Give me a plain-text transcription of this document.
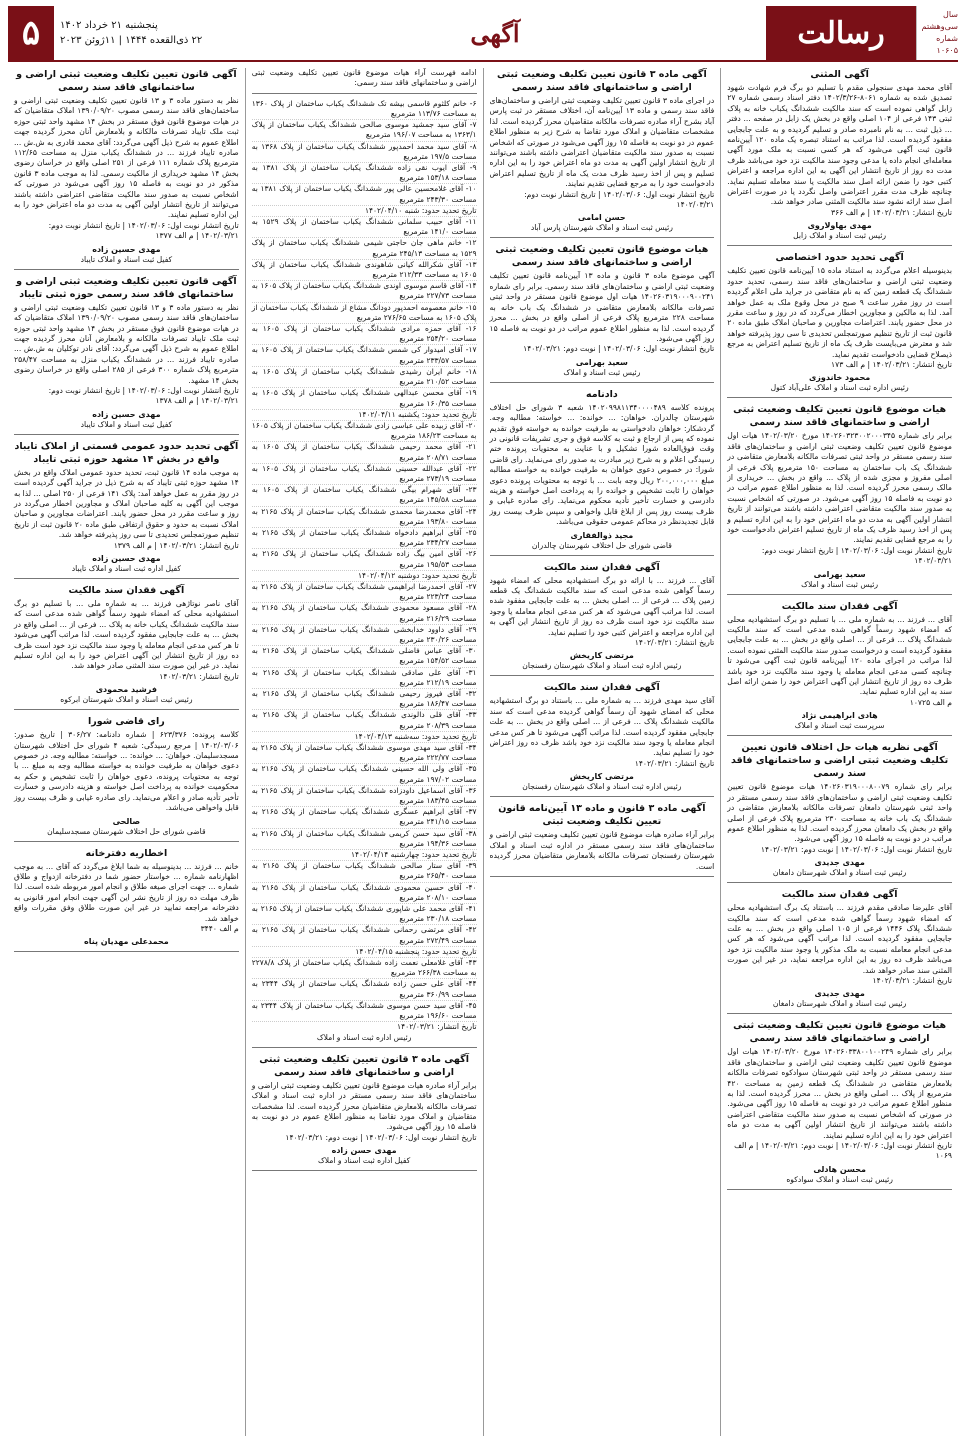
سال سی‌وهشتم
شماره ۱۰۶۰۵
رسالت
آگهی
پنجشنبه ۲۱ خرداد ۱۴۰۲
۲۲ ذی‌القعده ۱۴۴۴ | ۱۱ژوئن ۲۰۲۳
۵
آگهی المثنی

آقای محمد مهدی سنجولی مقدم با تسلیم دو برگ فرم شهادت شهود تصدیق شده به شماره ۸۰۶۱-۱۴۰۲/۳/۲۶ دفتر اسناد رسمی شماره ۲۷ زابل گواهی نموده است که سند مالکیت ششدانگ یکباب خانه به پلاک ثبتی ۱۴۳ فرعی از ۱۰۴ اصلی واقع در بخش یک زابل در صفحه ... دفتر ... ذیل ثبت ... به نام نامبرده صادر و تسلیم گردیده و به علت جابجایی مفقود گردیده است. لذا مراتب به استناد تبصره یک ماده ۱۲۰ آیین‌نامه قانون ثبت آگهی می‌شود که هر کسی نسبت به ملک مورد آگهی معامله‌ای انجام داده یا مدعی وجود سند مالکیت نزد خود می‌باشد ظرف مدت ده روز از تاریخ انتشار این آگهی به این اداره مراجعه و اعتراض کتبی خود را ضمن ارائه اصل سند مالکیت یا سند معامله تسلیم نماید. چنانچه ظرف مدت مقرر اعتراضی واصل نگردد یا در صورت اعتراض اصل سند ارائه نشود سند مالکیت المثنی صادر خواهد شد.

تاریخ انتشار: ۱۴۰۲/۰۳/۲۱ | م الف ۳۶۶
مهدی بهاولاروی
رئیس ثبت اسناد و املاک زابل
آگهی تحدید حدود اختصاصی

بدینوسیله اعلام می‌گردد به استناد ماده ۱۵ آیین‌نامه قانون تعیین تکلیف وضعیت ثبتی اراضی و ساختمان‌های فاقد سند رسمی، تحدید حدود ششدانگ یک قطعه زمین که به نام متقاضی در جراید ملی اعلام گردیده است در روز مقرر ساعت ۹ صبح در محل وقوع ملک به عمل خواهد آمد. لذا به مالکین و مجاورین اخطار می‌گردد که در روز و ساعت مقرر در محل حضور یابند. اعتراضات مجاورین و صاحبان املاک طبق ماده ۲۰ قانون ثبت از تاریخ تنظیم صورتمجلس تحدیدی تا سی روز پذیرفته خواهد شد و معترض می‌بایست ظرف یک ماه از تاریخ تسلیم اعتراض به مرجع ذیصلاح قضایی دادخواست تقدیم نماید.

تاریخ انتشار: ۱۴۰۲/۰۳/۲۱ | م الف ۱۷۳
محمود خاندوزی
رئیس اداره ثبت اسناد و املاک علی‌آباد کتول
هیات موضوع قانون تعیین تکلیف وضعیت ثبتی اراضی و ساختمانهای فاقد سند رسمی

برابر رای شماره ۱۴۰۲۶۰۳۲۳۰۰۲۰۰۰۳۴۵ مورخ ۱۴۰۲/۰۳/۲۰ هیات اول موضوع قانون تعیین تکلیف وضعیت ثبتی اراضی و ساختمان‌های فاقد سند رسمی مستقر در واحد ثبتی تصرفات مالکانه بلامعارض متقاضی در ششدانگ یک باب ساختمان به مساحت ۱۵۰ مترمربع پلاک فرعی از اصلی مفروز و مجزی شده از پلاک ... واقع در بخش ... خریداری از مالک رسمی محرز گردیده است. لذا به منظور اطلاع عموم مراتب در دو نوبت به فاصله ۱۵ روز آگهی می‌شود. در صورتی که اشخاص نسبت به صدور سند مالکیت متقاضی اعتراضی داشته باشند می‌توانند از تاریخ انتشار اولین آگهی به مدت دو ماه اعتراض خود را به این اداره تسلیم و پس از اخذ رسید ظرف یک ماه از تاریخ تسلیم اعتراض دادخواست خود را به مرجع قضایی تقدیم نمایند.

تاریخ انتشار نوبت اول: ۱۴۰۲/۰۳/۰۶ | تاریخ انتشار نوبت دوم: ۱۴۰۲/۰۳/۲۱
سعید بهرامی
رئیس ثبت اسناد و املاک
آگهی فقدان سند مالکیت

آقای ... فرزند ... به شماره ملی ... با تسلیم دو برگ استشهادیه محلی که امضاء شهود رسماً گواهی شده مدعی است که سند مالکیت ششدانگ پلاک ... فرعی از ... اصلی واقع در بخش ... به علت جابجایی مفقود گردیده است و درخواست صدور سند مالکیت المثنی نموده است. لذا مراتب در اجرای ماده ۱۲۰ آیین‌نامه قانون ثبت آگهی می‌شود تا چنانچه کسی مدعی انجام معامله یا وجود سند مالکیت نزد خود باشد ظرف ده روز از تاریخ انتشار این آگهی اعتراض خود را ضمن ارائه اصل سند به این اداره تسلیم نماید.

م الف ۱۰۷۲۵
هادی ابراهیمی نژاد
سرپرست ثبت اسناد و املاک
آگهی نظریه هیات حل اختلاف قانون تعیین تکلیف وضعیت ثبتی اراضی و ساختمانهای فاقد سند رسمی

برابر رای شماره ۱۴۰۲۶۰۳۱۹۰۰۰۸۰۰۷۹ هیات موضوع قانون تعیین تکلیف وضعیت ثبتی اراضی و ساختمان‌های فاقد سند رسمی مستقر در واحد ثبتی شهرستان دامغان تصرفات مالکانه بلامعارض متقاضی در ششدانگ یک باب خانه به مساحت ۲۳۰ مترمربع پلاک فرعی از اصلی واقع در بخش یک دامغان محرز گردیده است. لذا به منظور اطلاع عموم مراتب در دو نوبت به فاصله ۱۵ روز آگهی می‌شود.

تاریخ انتشار نوبت اول: ۱۴۰۲/۰۳/۰۶ | نوبت دوم: ۱۴۰۲/۰۳/۲۱
مهدی جدیدی
رئیس ثبت اسناد و املاک شهرستان دامغان
آگهی فقدان سند مالکیت

آقای علیرضا صادقی مقدم فرزند ... باستناد یک برگ استشهادیه محلی که امضاء شهود رسماً گواهی شده مدعی است که سند مالکیت ششدانگ پلاک ۱۴۴۶ فرعی از ۱۰۵ اصلی واقع در بخش ... به علت جابجایی مفقود گردیده است. لذا مراتب آگهی می‌شود که هر کس مدعی انجام معامله نسبت به ملک مذکور یا وجود سند مالکیت نزد خود می‌باشد ظرف ده روز به این اداره مراجعه نماید، در غیر این صورت المثنی سند صادر خواهد شد.

تاریخ انتشار: ۱۴۰۲/۰۳/۲۱
مهدی جدیدی
رئیس ثبت اسناد و املاک شهرستان دامغان
هیات موضوع قانون تعیین تکلیف وضعیت ثبتی اراضی و ساختمانهای فاقد سند رسمی

برابر رای شماره ۱۴۰۲۶۰۳۳۸۰۰۱۰۰۲۴۹ مورخ ۱۴۰۲/۰۳/۲۰ هیات اول موضوع قانون تعیین تکلیف وضعیت ثبتی اراضی و ساختمان‌های فاقد سند رسمی مستقر در واحد ثبتی شهرستان سوادکوه تصرفات مالکانه بلامعارض متقاضی در ششدانگ یک قطعه زمین به مساحت ۴۲۰ مترمربع از پلاک ... اصلی واقع در بخش ... محرز گردیده است. لذا به منظور اطلاع عموم مراتب در دو نوبت به فاصله ۱۵ روز آگهی می‌شود. در صورتی که اشخاص نسبت به صدور سند مالکیت متقاضی اعتراضی داشته باشند می‌توانند از تاریخ انتشار اولین آگهی به مدت دو ماه اعتراض خود را به این اداره تسلیم نمایند.

تاریخ انتشار نوبت اول: ۱۴۰۲/۰۳/۰۶ | نوبت دوم: ۱۴۰۲/۰۳/۲۱ | م الف ۱۰۶۹
محسن هادلی
رئیس ثبت اسناد و املاک سوادکوه
آگهی ماده ۳ قانون تعیین تکلیف وضعیت ثبتی اراضی و ساختمانهای فاقد سند رسمی

در اجرای ماده ۳ قانون تعیین تکلیف وضعیت ثبتی اراضی و ساختمان‌های فاقد سند رسمی و ماده ۱۳ آیین‌نامه آن، اختلاف مستقر در ثبت پارس آباد بشرح آراء صادره تصرفات مالکانه متقاضیان محرز گردیده است. لذا مشخصات متقاضیان و املاک مورد تقاضا به شرح زیر به منظور اطلاع عموم در دو نوبت به فاصله ۱۵ روز آگهی می‌شود در صورتی که اشخاص نسبت به صدور سند مالکیت متقاضیان اعتراضی داشته باشند می‌توانند از تاریخ انتشار اولین آگهی به مدت دو ماه اعتراض خود را به این اداره تسلیم و پس از اخذ رسید ظرف مدت یک ماه از تاریخ تسلیم اعتراض دادخواست خود را به مرجع قضایی تقدیم نمایند.

تاریخ انتشار نوبت اول: ۱۴۰۲/۰۳/۰۶ | تاریخ انتشار نوبت دوم: ۱۴۰۲/۰۳/۲۱
حسن امامی
رئیس ثبت اسناد و املاک شهرستان پارس آباد
هیات موضوع قانون تعیین تکلیف وضعیت ثبتی اراضی و ساختمانهای فاقد سند رسمی

آگهی موضوع ماده ۳ قانون و ماده ۱۳ آیین‌نامه قانون تعیین تکلیف وضعیت ثبتی اراضی و ساختمان‌های فاقد سند رسمی. برابر رای شماره ۱۴۰۲۶۰۳۱۹۰۰۰۹۰۰۲۴۱ هیات اول موضوع قانون مستقر در واحد ثبتی تصرفات مالکانه بلامعارض متقاضی در ششدانگ یک باب خانه به مساحت ۲۲۸ مترمربع پلاک فرعی از اصلی واقع در بخش ... محرز گردیده است. لذا به منظور اطلاع عموم مراتب در دو نوبت به فاصله ۱۵ روز آگهی می‌شود.

تاریخ انتشار نوبت اول: ۱۴۰۲/۰۳/۰۶ | نوبت دوم: ۱۴۰۲/۰۳/۲۱
سعید بهرامی
رئیس ثبت اسناد و املاک
دادنامه

پرونده کلاسه ۱۴۰۲۰۹۹۸۱۱۳۴۰۰۰۰۴۸۹ شعبه ۳ شورای حل اختلاف شهرستان چالدران. خواهان: ... خوانده: ... خواسته: مطالبه وجه. گردشکار: خواهان دادخواستی به طرفیت خوانده به خواسته فوق تقدیم نموده که پس از ارجاع و ثبت به کلاسه فوق و جری تشریفات قانونی در وقت فوق‌العاده شورا تشکیل و با عنایت به محتویات پرونده ختم رسیدگی اعلام و به شرح زیر مبادرت به صدور رای می‌نماید. رای قاضی شورا: در خصوص دعوی خواهان به طرفیت خوانده به خواسته مطالبه مبلغ ۲۰۰,۰۰۰,۰۰۰ ریال وجه بابت ... با توجه به محتویات پرونده دعوی خواهان را ثابت تشخیص و خوانده را به پرداخت اصل خواسته و هزینه دادرسی و خسارت تأخیر تأدیه محکوم می‌نماید. رای صادره غیابی و ظرف بیست روز پس از ابلاغ قابل واخواهی و سپس ظرف بیست روز قابل تجدیدنظر در محاکم عمومی حقوقی می‌باشد.

مجید ذوالفقاری
قاضی شورای حل اختلاف شهرستان چالدران
آگهی فقدان سند مالکیت

آقای ... فرزند ... با ارائه دو برگ استشهادیه محلی که امضاء شهود رسماً گواهی شده مدعی است که سند مالکیت ششدانگ یک قطعه زمین پلاک ... فرعی از ... اصلی بخش ... به علت جابجایی مفقود شده است. لذا مراتب آگهی می‌شود که هر کس مدعی انجام معامله یا وجود سند مالکیت نزد خود است ظرف ده روز از تاریخ انتشار این آگهی به این اداره مراجعه و اعتراض کتبی خود را تسلیم نماید.

تاریخ انتشار: ۱۴۰۲/۰۳/۲۱
مرتضی کاریخش
رئیس اداره ثبت اسناد و املاک شهرستان رفسنجان
آگهی فقدان سند مالکیت

آقای سید مهدی فرزند ... به شماره ملی ... باستناد دو برگ استشهادیه محلی که امضای شهود آن رسماً گواهی گردیده مدعی است که سند مالکیت ششدانگ پلاک ... فرعی از ... اصلی واقع در بخش ... به علت جابجایی مفقود گردیده است. لذا مراتب آگهی می‌شود تا هر کس مدعی انجام معامله یا وجود سند مالکیت نزد خود باشد ظرف ده روز اعتراض خود را تسلیم نماید.

تاریخ انتشار: ۱۴۰۲/۰۳/۲۱
مرتضی کاریخش
رئیس اداره ثبت اسناد و املاک شهرستان رفسنجان
آگهی ماده ۳ قانون و ماده ۱۳ آیین‌نامه قانون تعیین تکلیف وضعیت ثبتی

برابر آراء صادره هیات موضوع قانون تعیین تکلیف وضعیت ثبتی اراضی و ساختمان‌های فاقد سند رسمی مستقر در اداره ثبت اسناد و املاک شهرستان رفسنجان تصرفات مالکانه بلامعارض متقاضیان محرز گردیده است.

ادامه فهرست آراء هیات موضوع قانون تعیین تکلیف وضعیت ثبتی اراضی و ساختمانهای فاقد سند رسمی:

۶- خانم کلثوم قاسمی بیشه تک ششدانگ یکباب ساختمان از پلاک ۱۳۶۰ به مساحت ۱۱۳/۷۶ مترمربع
۷- آقای سید جمشید موسوی صالحی ششدانگ یکباب ساختمان از پلاک ۱۳۶۳/۱ به مساحت ۱۹۶/۰۷ مترمربع
۸- آقای سید محمد احمدپور ششدانگ یکباب ساختمان از پلاک ۱۳۶۸ به مساحت ۱۹۷/۵ مترمربع
۹- آقای ایوب نقی زاده ششدانگ یکباب ساختمان از پلاک ۱۳۸۱ به مساحت ۱۵۳/۱۸ مترمربع
۱۰- آقای غلامحسین عالی پور ششدانگ یکباب ساختمان از پلاک ۱۳۸۱ به مساحت ۲۴۳/۳۰ مترمربع
تاریخ تحدید حدود: شنبه ۱۴۰۲/۰۴/۱۰
۱۱- آقای حبیب سلمانی ششدانگ یکباب ساختمان از پلاک ۱۵۲۹ به مساحت ۱۴۱/۰ مترمربع
۱۲- خانم ماهی جان حاجتی شیمی ششدانگ یکباب ساختمان از پلاک ۱۵۲۹ به مساحت ۲۴۵/۱۳ مترمربع
۱۳- آقای شکرالله کیانی شاهوندی ششدانگ یکباب ساختمان از پلاک ۱۶۰۵ به مساحت ۲۱۲/۳۳ مترمربع
۱۴- آقای قاسم موسوی اوندی ششدانگ یکباب ساختمان از پلاک ۱۶۰۵ به مساحت ۲۲۷/۷۳ مترمربع
۱۵- خانم معصومه احمدپور دودانگ مشاع از ششدانگ یکباب ساختمان از پلاک ۱۶۰۵ به مساحت ۲۷۶/۶۵ مترمربع
۱۶- آقای حمزه مرادی ششدانگ یکباب ساختمان از پلاک ۱۶۰۵ به مساحت ۲۵۴/۲۰ مترمربع
۱۷- آقای امیدوار کی شمس ششدانگ یکباب ساختمان از پلاک ۱۶۰۵ به مساحت ۲۳۳/۵۷ مترمربع
۱۸- خانم ایران رشیدی ششدانگ یکباب ساختمان از پلاک ۱۶۰۵ به مساحت ۲۱۰/۵۲ مترمربع
۱۹- آقای محسن عبدالهی ششدانگ یکباب ساختمان از پلاک ۱۶۰۵ به مساحت ۱۶۰/۳۵ مترمربع
تاریخ تحدید حدود: یکشنبه ۱۴۰۲/۰۴/۱۱
۲۰- آقای زبیده علی عباسی زادی ششدانگ یکباب ساختمان از پلاک ۱۶۰۵ به مساحت ۱۸۶/۲۳ مترمربع
۲۱- آقای محمد رحیمی ششدانگ یکباب ساختمان از پلاک ۱۶۰۵ به مساحت ۲۰۸/۷۱ مترمربع
۲۲- آقای عبدالله حسینی ششدانگ یکباب ساختمان از پلاک ۱۶۰۵ به مساحت ۲۷۳/۱۹ مترمربع
۲۳- آقای شهرام بیگی ششدانگ یکباب ساختمان از پلاک ۱۶۰۵ به مساحت ۱۴۵/۵۸ مترمربع
۲۴- آقای محمدرضا محمدی ششدانگ یکباب ساختمان از پلاک ۲۱۶۵ به مساحت ۱۹۳/۸۰ مترمربع
۲۵- آقای ابراهیم دادخواه ششدانگ یکباب ساختمان از پلاک ۲۱۶۵ به مساحت ۲۳۴/۲۷ مترمربع
۲۶- آقای امین بیگ زاده ششدانگ یکباب ساختمان از پلاک ۲۱۶۵ به مساحت ۱۹۵/۵۳ مترمربع
تاریخ تحدید حدود: دوشنبه ۱۴۰۲/۰۴/۱۲
۲۷- آقای احمدرضا ابراهیمی ششدانگ یکباب ساختمان از پلاک ۲۱۶۵ به مساحت ۲۲۳/۲۴ مترمربع
۲۸- آقای مسعود محمودی ششدانگ یکباب ساختمان از پلاک ۲۱۶۵ به مساحت ۲۱۶/۲۹ مترمربع
۲۹- آقای داوود خدابخشی ششدانگ یکباب ساختمان از پلاک ۲۱۶۵ به مساحت ۲۳۰/۲۶ مترمربع
۳۰- آقای عباس فاضلی ششدانگ یکباب ساختمان از پلاک ۲۱۶۵ به مساحت ۱۵۴/۵۲ مترمربع
۳۱- آقای علی صادقی ششدانگ یکباب ساختمان از پلاک ۲۱۶۵ به مساحت ۲۱۲/۱۹ مترمربع
۳۲- آقای فیروز رحیمی ششدانگ یکباب ساختمان از پلاک ۲۱۶۵ به مساحت ۱۸۶/۴۷ مترمربع
۳۳- آقای قلی دالوندی ششدانگ یکباب ساختمان از پلاک ۲۱۶۵ به مساحت ۲۰۸/۳۹ مترمربع
تاریخ تحدید حدود: سه‌شنبه ۱۴۰۲/۰۴/۱۳
۳۴- آقای سید مهدی موسوی ششدانگ یکباب ساختمان از پلاک ۲۱۶۵ به مساحت ۲۲۲/۷۷ مترمربع
۳۵- آقای ولی الله حسینی ششدانگ یکباب ساختمان از پلاک ۲۱۶۵ به مساحت ۱۹۷/۰۲ مترمربع
۳۶- آقای اسماعیل داودزاده ششدانگ یکباب ساختمان از پلاک ۲۱۶۵ به مساحت ۱۸۳/۴۵ مترمربع
۳۷- آقای ابراهیم عسگری ششدانگ یکباب ساختمان از پلاک ۲۱۶۵ به مساحت ۲۴۱/۱۵ مترمربع
۳۸- آقای سید حسن کریمی ششدانگ یکباب ساختمان از پلاک ۲۱۶۵ به مساحت ۱۹۴/۳۶ مترمربع
تاریخ تحدید حدود: چهارشنبه ۱۴۰۲/۰۴/۱۴
۳۹- آقای ستار صالحی ششدانگ یکباب ساختمان از پلاک ۲۱۶۵ به مساحت ۲۶۵/۴۰ مترمربع
۴۰- آقای حسین محمودی ششدانگ یکباب ساختمان از پلاک ۲۱۶۵ به مساحت ۲۰۸/۱۰ مترمربع
۴۱- آقای محمد علی شاپوری ششدانگ یکباب ساختمان از پلاک ۲۱۶۵ به مساحت ۲۳۰/۱۸ مترمربع
۴۲- آقای مرتضی رحمانی ششدانگ یکباب ساختمان از پلاک ۲۱۶۵ به مساحت ۲۷۲/۴۹ مترمربع
تاریخ تحدید حدود: پنجشنبه ۱۴۰۲/۰۴/۱۵
۴۳- آقای غلامعلی نعمت زاده ششدانگ یکباب ساختمان از پلاک ۲۲۷۸/۸ به مساحت ۲۶۶/۳۸ مترمربع
۴۴- آقای علی حسن زاده ششدانگ یکباب ساختمان از پلاک ۲۳۴۴ به مساحت ۳۶۰/۹۹ مترمربع
۴۵- آقای سید حسن موسوی ششدانگ یکباب ساختمان از پلاک ۲۳۴۴ به مساحت ۱۹۶/۶۰ مترمربع
تاریخ انتشار: ۱۴۰۲/۰۳/۲۱
رئیس اداره ثبت اسناد و املاک
آگهی ماده ۳ قانون تعیین تکلیف وضعیت ثبتی اراضی و ساختمانهای فاقد سند رسمی

برابر آراء صادره هیات موضوع قانون تعیین تکلیف وضعیت ثبتی اراضی و ساختمان‌های فاقد سند رسمی مستقر در اداره ثبت اسناد و املاک تصرفات مالکانه بلامعارض متقاضیان محرز گردیده است. لذا مشخصات متقاضیان و املاک مورد تقاضا به منظور اطلاع عموم در دو نوبت به فاصله ۱۵ روز آگهی می‌شود.

تاریخ انتشار نوبت اول: ۱۴۰۲/۰۳/۰۶ | نوبت دوم: ۱۴۰۲/۰۳/۲۱
مهدی حسن زاده
کفیل اداره ثبت اسناد و املاک
آگهی قانون تعیین تکلیف وضعیت ثبتی اراضی و ساختمانهای فاقد سند رسمی

نظر به دستور ماده ۳ و ۱۳ قانون تعیین تکلیف وضعیت ثبتی اراضی و ساختمان‌های فاقد سند رسمی مصوب ۱۳۹۰/۰۹/۲۰ املاک متقاضیان که در هیات موضوع قانون فوق مستقر در بخش ۱۴ مشهد واحد ثبتی حوزه ثبت ملک تایباد تصرفات مالکانه و بلامعارض آنان محرز گردیده جهت اطلاع عموم به شرح ذیل آگهی می‌گردد: آقای محمد قادری به ش.ش ... صادره تایباد فرزند ... در ششدانگ یکباب منزل به مساحت ۱۱۲/۶۵ مترمربع پلاک شماره ۱۱۱ فرعی از ۲۵۱ اصلی واقع در خراسان رضوی بخش ۱۴ مشهد خریداری از مالکیت رسمی. لذا به موجب ماده ۳ قانون مذکور در دو نوبت به فاصله ۱۵ روز آگهی می‌شود در صورتی که اشخاص نسبت به صدور سند مالکیت متقاضی اعتراضی داشته باشند می‌توانند از تاریخ انتشار اولین آگهی به مدت دو ماه اعتراض خود را به این اداره تسلیم نمایند.

تاریخ انتشار نوبت اول: ۱۴۰۲/۰۳/۰۶ | تاریخ انتشار نوبت دوم: ۱۴۰۲/۰۳/۲۱ | م الف ۱۳۷۷
مهدی حسین زاده
کفیل ثبت اسناد و املاک تایباد
آگهی قانون تعیین تکلیف وضعیت ثبتی اراضی و ساختمانهای فاقد سند رسمی حوزه ثبتی تایباد

نظر به دستور ماده ۳ و ۱۳ قانون تعیین تکلیف وضعیت ثبتی اراضی و ساختمان‌های فاقد سند رسمی مصوب ۱۳۹۰/۰۹/۲۰ املاک متقاضیان که در هیات موضوع قانون فوق مستقر در بخش ۱۴ مشهد واحد ثبتی حوزه ثبت ملک تایباد تصرفات مالکانه و بلامعارض آنان محرز گردیده جهت اطلاع عموم به شرح ذیل آگهی می‌گردد: آقای نادر توکلیان به ش.ش ... صادره تایباد فرزند ... در ششدانگ یکباب منزل به مساحت ۲۵۸/۴۷ مترمربع پلاک شماره ۳۰۰ فرعی از ۲۸۵ اصلی واقع در خراسان رضوی بخش ۱۴ مشهد.

تاریخ انتشار نوبت اول: ۱۴۰۲/۰۳/۰۶ | تاریخ انتشار نوبت دوم: ۱۴۰۲/۰۳/۲۱ | م الف ۱۳۷۸
مهدی حسین زاده
کفیل ثبت اسناد و املاک تایباد
آگهی تحدید حدود عمومی قسمتی از املاک تایباد واقع در بخش ۱۴ مشهد حوزه ثبتی تایباد

به موجب ماده ۱۴ قانون ثبت، تحدید حدود عمومی املاک واقع در بخش ۱۴ مشهد حوزه ثبتی تایباد که به شرح ذیل در جراید آگهی گردیده است در روز مقرر به عمل خواهد آمد: پلاک ۱۴۱ فرعی از ۲۵۰ اصلی ... لذا به موجب این آگهی به کلیه صاحبان املاک و مجاورین اخطار می‌گردد در روز و ساعت مقرر در محل حضور یابند. اعتراضات مجاورین و صاحبان املاک نسبت به حدود و حقوق ارتفاقی طبق ماده ۲۰ قانون ثبت از تاریخ تنظیم صورتمجلس تحدیدی تا سی روز پذیرفته خواهد شد.

تاریخ انتشار: ۱۴۰۲/۰۳/۲۱ | م الف ۱۳۷۹
مهدی حسین زاده
کفیل اداره ثبت اسناد و املاک تایباد
آگهی فقدان سند مالکیت

آقای ناصر نوتاژهی فرزند ... به شماره ملی ... با تسلیم دو برگ استشهادیه محلی که امضاء شهود رسماً گواهی شده مدعی است که سند مالکیت ششدانگ یکباب خانه به پلاک ... فرعی از ... اصلی واقع در بخش ... به علت جابجایی مفقود گردیده است. لذا مراتب آگهی می‌شود تا هر کس مدعی انجام معامله یا وجود سند مالکیت نزد خود است ظرف ده روز از تاریخ انتشار این آگهی اعتراض خود را به این اداره تسلیم نماید. در غیر این صورت سند المثنی صادر خواهد شد.

تاریخ انتشار: ۱۴۰۲/۰۳/۲۱
فرشید محمودی
رئیس ثبت اسناد و املاک شهرستان ابرکوه
رای قاضی شورا

کلاسه پرونده: ۶۲۳/۳۷۶ | شماره دادنامه: ۳۰۶/۲۷ | تاریخ صدور: ۱۴۰۲/۰۳/۰۶ | مرجع رسیدگی: شعبه ۴ شورای حل اختلاف شهرستان مسجدسلیمان. خواهان: ... خوانده: ... خواسته: مطالبه وجه. در خصوص دعوی خواهان به طرفیت خوانده به خواسته مطالبه وجه به مبلغ ... با توجه به محتویات پرونده، دعوی خواهان را ثابت تشخیص و حکم به محکومیت خوانده به پرداخت اصل خواسته و هزینه دادرسی و خسارت تأخیر تأدیه صادر و اعلام می‌نماید. رای صادره غیابی و ظرف بیست روز قابل واخواهی می‌باشد.

صالحی
قاضی شورای حل اختلاف شهرستان مسجدسلیمان
اخطاریه دفترخانه

خانم ... فرزند ... بدینوسیله به شما ابلاغ می‌گردد که آقای ... به موجب اظهارنامه شماره ... خواستار حضور شما در دفترخانه ازدواج و طلاق شماره ... جهت اجرای صیغه طلاق و انجام امور مربوطه شده است. لذا ظرف مهلت ده روز از تاریخ نشر این آگهی جهت انجام امور قانونی به دفترخانه مراجعه نمایید در غیر این صورت طلاق وفق مقررات واقع خواهد شد.

م الف ۳۴۴۰
محمدعلی مهدیان پناه
